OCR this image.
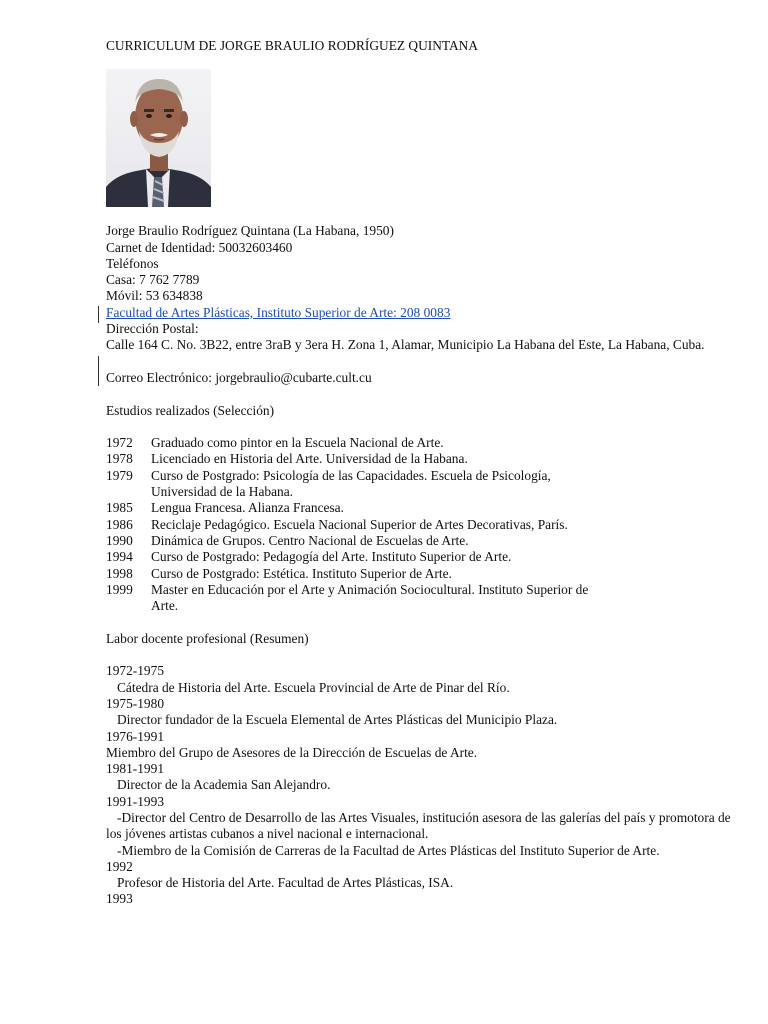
CURRICULUM DE JORGE BRAULIO RODRÍGUEZ QUINTANA
Jorge Braulio Rodríguez Quintana (La Habana, 1950)
Carnet de Identidad: 50032603460
Teléfonos
Casa: 7 762 7789
Móvil: 53 634838
Facultad de Artes Plásticas, Instituto Superior de Arte: 208 0083
Dirección Postal:
Calle 164 C. No. 3B22, entre 3raB y 3era H. Zona 1, Alamar, Municipio La Habana del Este, La Habana, Cuba.
Correo Electrónico: jorgebraulio@cubarte.cult.cu
Estudios realizados (Selección)
1972	Graduado como pintor en la Escuela Nacional de Arte.
1978	Licenciado en Historia del Arte. Universidad de la Habana.
1979	Curso de Postgrado: Psicología de las Capacidades. Escuela de Psicología, Universidad de la Habana.
1985	Lengua Francesa. Alianza Francesa.
1986	Reciclaje Pedagógico. Escuela Nacional Superior de Artes Decorativas, París.
1990	Dinámica de Grupos. Centro Nacional de Escuelas de Arte.
1994	Curso de Postgrado: Pedagogía del Arte. Instituto Superior de Arte.
1998	Curso de Postgrado: Estética. Instituto Superior de Arte.
1999	Master en Educación por el Arte y Animación Sociocultural. Instituto Superior de Arte.
Labor docente profesional (Resumen)
1972-1975
Cátedra de Historia del Arte. Escuela Provincial de Arte de Pinar del Río.
1975-1980
Director fundador de la Escuela Elemental de Artes Plásticas del Municipio Plaza.
1976-1991
Miembro del Grupo de Asesores de la Dirección de Escuelas de Arte.
1981-1991
Director de la Academia San Alejandro.
1991-1993
-Director del Centro de Desarrollo de las Artes Visuales, institución asesora de las galerías del país y promotora de los jóvenes artistas cubanos a nivel nacional e internacional.
-Miembro de la Comisión de Carreras de la Facultad de Artes Plásticas del Instituto Superior de Arte.
1992
Profesor de Historia del Arte. Facultad de Artes Plásticas, ISA.
1993
